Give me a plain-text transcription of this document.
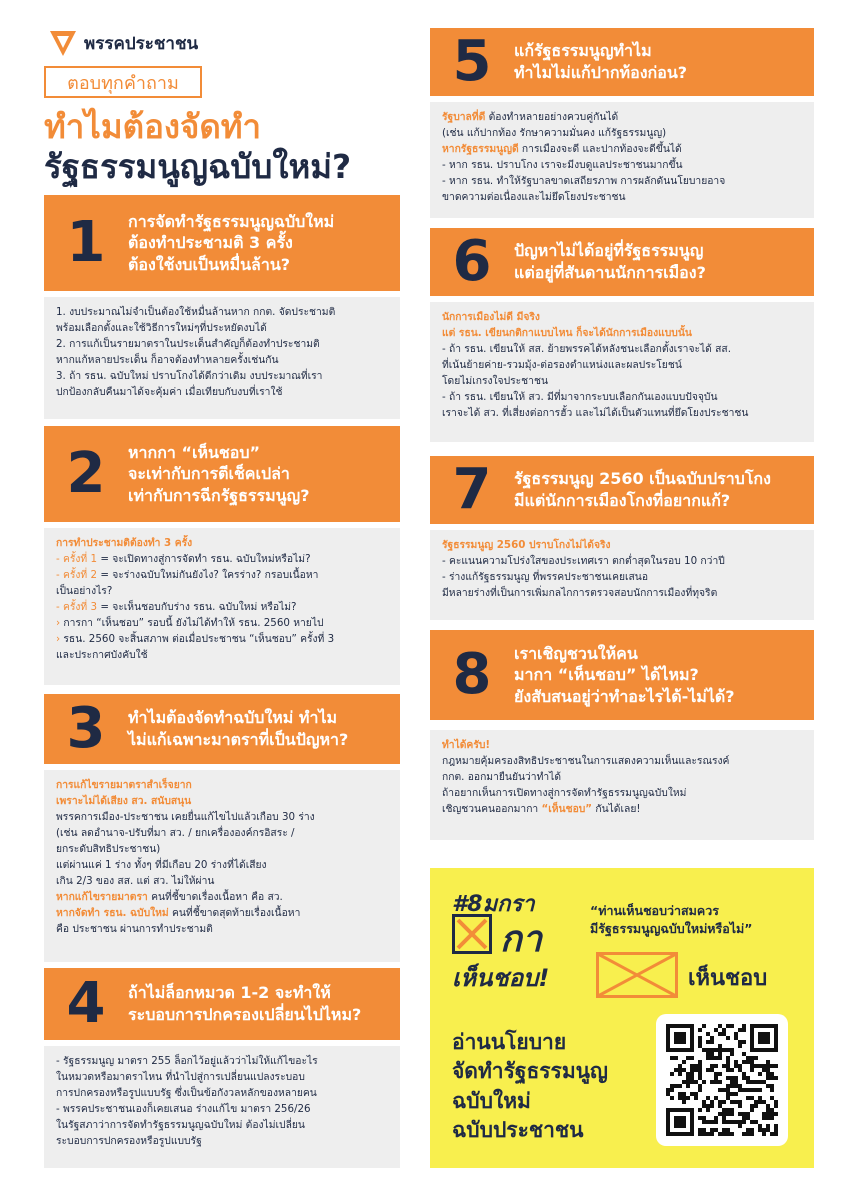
พรรคประชาชน
ตอบทุกคำถาม
ทำไมต้องจัดทำ
รัฐธรรมนูญฉบับใหม่?
1	การจัดทำรัฐธรรมนูญฉบับใหม่
ต้องทำประชามติ 3 ครั้ง
ต้องใช้งบเป็นหมื่นล้าน?
1. งบประมาณไม่จำเป็นต้องใช้หมื่นล้านหาก กกต. จัดประชามติ
พร้อมเลือกตั้งและใช้วิธีการใหม่ๆที่ประหยัดงบได้
2. การแก้เป็นรายมาตราในประเด็นสำคัญก็ต้องทำประชามติ
หากแก้หลายประเด็น ก็อาจต้องทำหลายครั้งเช่นกัน
3. ถ้า รธน. ฉบับใหม่ ปราบโกงได้ดีกว่าเดิม งบประมาณที่เรา
ปกป้องกลับคืนมาได้จะคุ้มค่า เมื่อเทียบกับงบที่เราใช้
2	หากกา “เห็นชอบ”
จะเท่ากับการตีเช็คเปล่า
เท่ากับการฉีกรัฐธรรมนูญ?
การทำประชามติต้องทำ 3 ครั้ง
- ครั้งที่ 1 = จะเปิดทางสู่การจัดทำ รธน. ฉบับใหม่หรือไม่?
- ครั้งที่ 2 = จะร่างฉบับใหม่กันยังไง? ใครร่าง? กรอบเนื้อหา
เป็นอย่างไร?
- ครั้งที่ 3 = จะเห็นชอบกับร่าง รธน. ฉบับใหม่ หรือไม่?
› การกา “เห็นชอบ” รอบนี้ ยังไม่ได้ทำให้ รธน. 2560 หายไป
› รธน. 2560 จะสิ้นสภาพ ต่อเมื่อประชาชน “เห็นชอบ” ครั้งที่ 3
และประกาศบังคับใช้
3	ทำไมต้องจัดทำฉบับใหม่ ทำไม
ไม่แก้เฉพาะมาตราที่เป็นปัญหา?
การแก้ไขรายมาตราสำเร็จยาก
เพราะไม่ได้เสียง สว. สนับสนุน
พรรคการเมือง-ประชาชน เคยยื่นแก้ไขไปแล้วเกือบ 30 ร่าง
(เช่น ลดอำนาจ-ปรับที่มา สว. / ยกเครื่ององค์กรอิสระ /
ยกระดับสิทธิประชาชน)
แต่ผ่านแค่ 1 ร่าง ทั้งๆ ที่มีเกือบ 20 ร่างที่ได้เสียง
เกิน 2/3 ของ สส. แต่ สว. ไม่ให้ผ่าน
หากแก้ไขรายมาตรา คนที่ชี้ขาดเรื่องเนื้อหา คือ สว.
หากจัดทำ รธน. ฉบับใหม่ คนที่ชี้ขาดสุดท้ายเรื่องเนื้อหา
คือ ประชาชน ผ่านการทำประชามติ
4	ถ้าไม่ล็อกหมวด 1-2 จะทำให้
ระบอบการปกครองเปลี่ยนไปไหม?
- รัฐธรรมนูญ มาตรา 255 ล็อกไว้อยู่แล้วว่าไม่ให้แก้ไขอะไร
ในหมวดหรือมาตราไหน ที่นำไปสู่การเปลี่ยนแปลงระบอบ
การปกครองหรือรูปแบบรัฐ ซึ่งเป็นข้อกังวลหลักของหลายคน
- พรรคประชาชนเองก็เคยเสนอ ร่างแก้ไข มาตรา 256/26
ในรัฐสภาว่าการจัดทำรัฐธรรมนูญฉบับใหม่ ต้องไม่เปลี่ยน
ระบอบการปกครองหรือรูปแบบรัฐ
5	แก้รัฐธรรมนูญทำไม
ทำไมไม่แก้ปากท้องก่อน?
รัฐบาลที่ดี ต้องทำหลายอย่างควบคู่กันได้
(เช่น แก้ปากท้อง รักษาความมั่นคง แก้รัฐธรรมนูญ)
หากรัฐธรรมนูญดี การเมืองจะดี และปากท้องจะดีขึ้นได้
- หาก รธน. ปราบโกง เราจะมีงบดูแลประชาชนมากขึ้น
- หาก รธน. ทำให้รัฐบาลขาดเสถียรภาพ การผลักดันนโยบายอาจ
ขาดความต่อเนื่องและไม่ยึดโยงประชาชน
6	ปัญหาไม่ได้อยู่ที่รัฐธรรมนูญ
แต่อยู่ที่สันดานนักการเมือง?
นักการเมืองไม่ดี มีจริง
แต่ รธน. เขียนกติกาแบบไหน ก็จะได้นักการเมืองแบบนั้น
- ถ้า รธน. เขียนให้ สส. ย้ายพรรคได้หลังชนะเลือกตั้งเราจะได้ สส.
ที่เน้นย้ายค่าย-รวมมุ้ง-ต่อรองตำแหน่งและผลประโยชน์
โดยไม่เกรงใจประชาชน
- ถ้า รธน. เขียนให้ สว. มีที่มาจากระบบเลือกกันเองแบบปัจจุบัน
เราจะได้ สว. ที่เสี่ยงต่อการฮั้ว และไม่ได้เป็นตัวแทนที่ยึดโยงประชาชน
7	รัฐธรรมนูญ 2560 เป็นฉบับปราบโกง
มีแต่นักการเมืองโกงที่อยากแก้?
รัฐธรรมนูญ 2560 ปราบโกงไม่ได้จริง
- คะแนนความโปร่งใสของประเทศเรา ตกต่ำสุดในรอบ 10 กว่าปี
- ร่างแก้รัฐธรรมนูญ ที่พรรคประชาชนเคยเสนอ
มีหลายร่างที่เป็นการเพิ่มกลไกการตรวจสอบนักการเมืองที่ทุจริต
8	เราเชิญชวนให้คน
มากา “เห็นชอบ” ได้ไหม?
ยังสับสนอยู่ว่าทำอะไรได้-ไม่ได้?
ทำได้ครับ!
กฎหมายคุ้มครองสิทธิประชาชนในการแสดงความเห็นและรณรงค์
กกต. ออกมายืนยันว่าทำได้
ถ้าอยากเห็นการเปิดทางสู่การจัดทำรัฐธรรมนูญฉบับใหม่
เชิญชวนคนออกมากา “เห็นชอบ” กันได้เลย!
#8มกรา
กา
เห็นชอบ!
“ท่านเห็นชอบว่าสมควร
มีรัฐธรรมนูญฉบับใหม่หรือไม่”
เห็นชอบ
อ่านนโยบาย
จัดทำรัฐธรรมนูญ
ฉบับใหม่
ฉบับประชาชน
